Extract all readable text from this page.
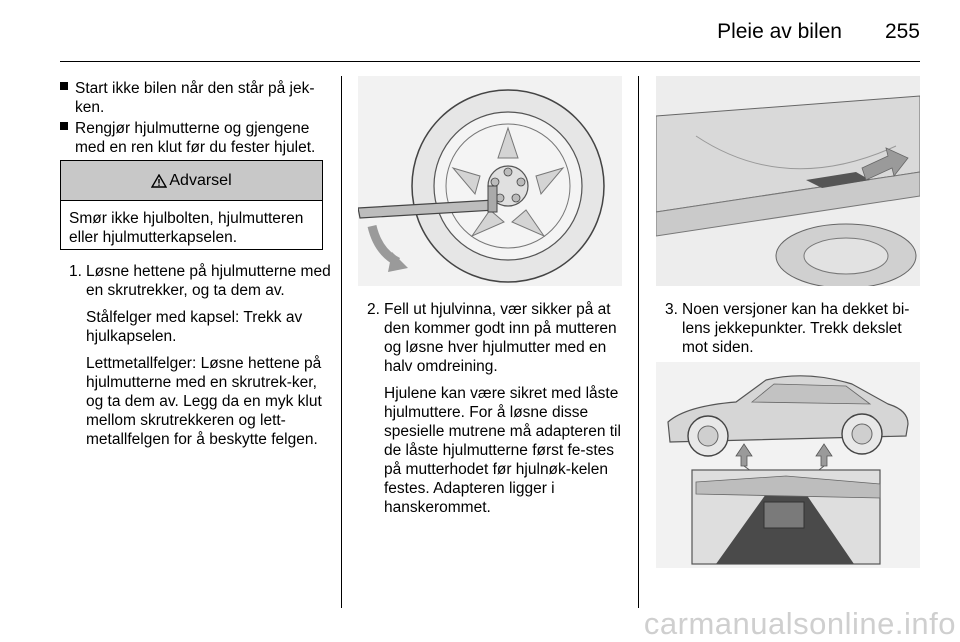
Pleie av bilen 255
Start ikke bilen når den står på jek-ken.
Rengjør hjulmutterne og gjengene med en ren klut før du fester hjulet.
Advarsel
Smør ikke hjulbolten, hjulmutteren eller hjulmutterkapselen.
1. Løsne hettene på hjulmutterne med en skrutrekker, og ta dem av.

Stålfelger med kapsel: Trekk av hjulkapselen.

Lettmetallfelger: Løsne hettene på hjulmutterne med en skrutrek-ker, og ta dem av. Legg da en myk klut mellom skrutrekkeren og lett-metallfelgen for å beskytte felgen.

2. Fell ut hjulvinna, vær sikker på at den kommer godt inn på mutteren og løsne hver hjulmutter med en halv omdreining.

Hjulene kan være sikret med låste hjulmuttere. For å løsne disse spesielle mutrene må adapteren til de låste hjulmutterne først fe-stes på mutterhodet før hjulnøk-kelen festes. Adapteren ligger i hanskerommet.

3. Noen versjoner kan ha dekket bi-lens jekkepunkter. Trekk dekslet mot siden.

carmanualsonline.info
